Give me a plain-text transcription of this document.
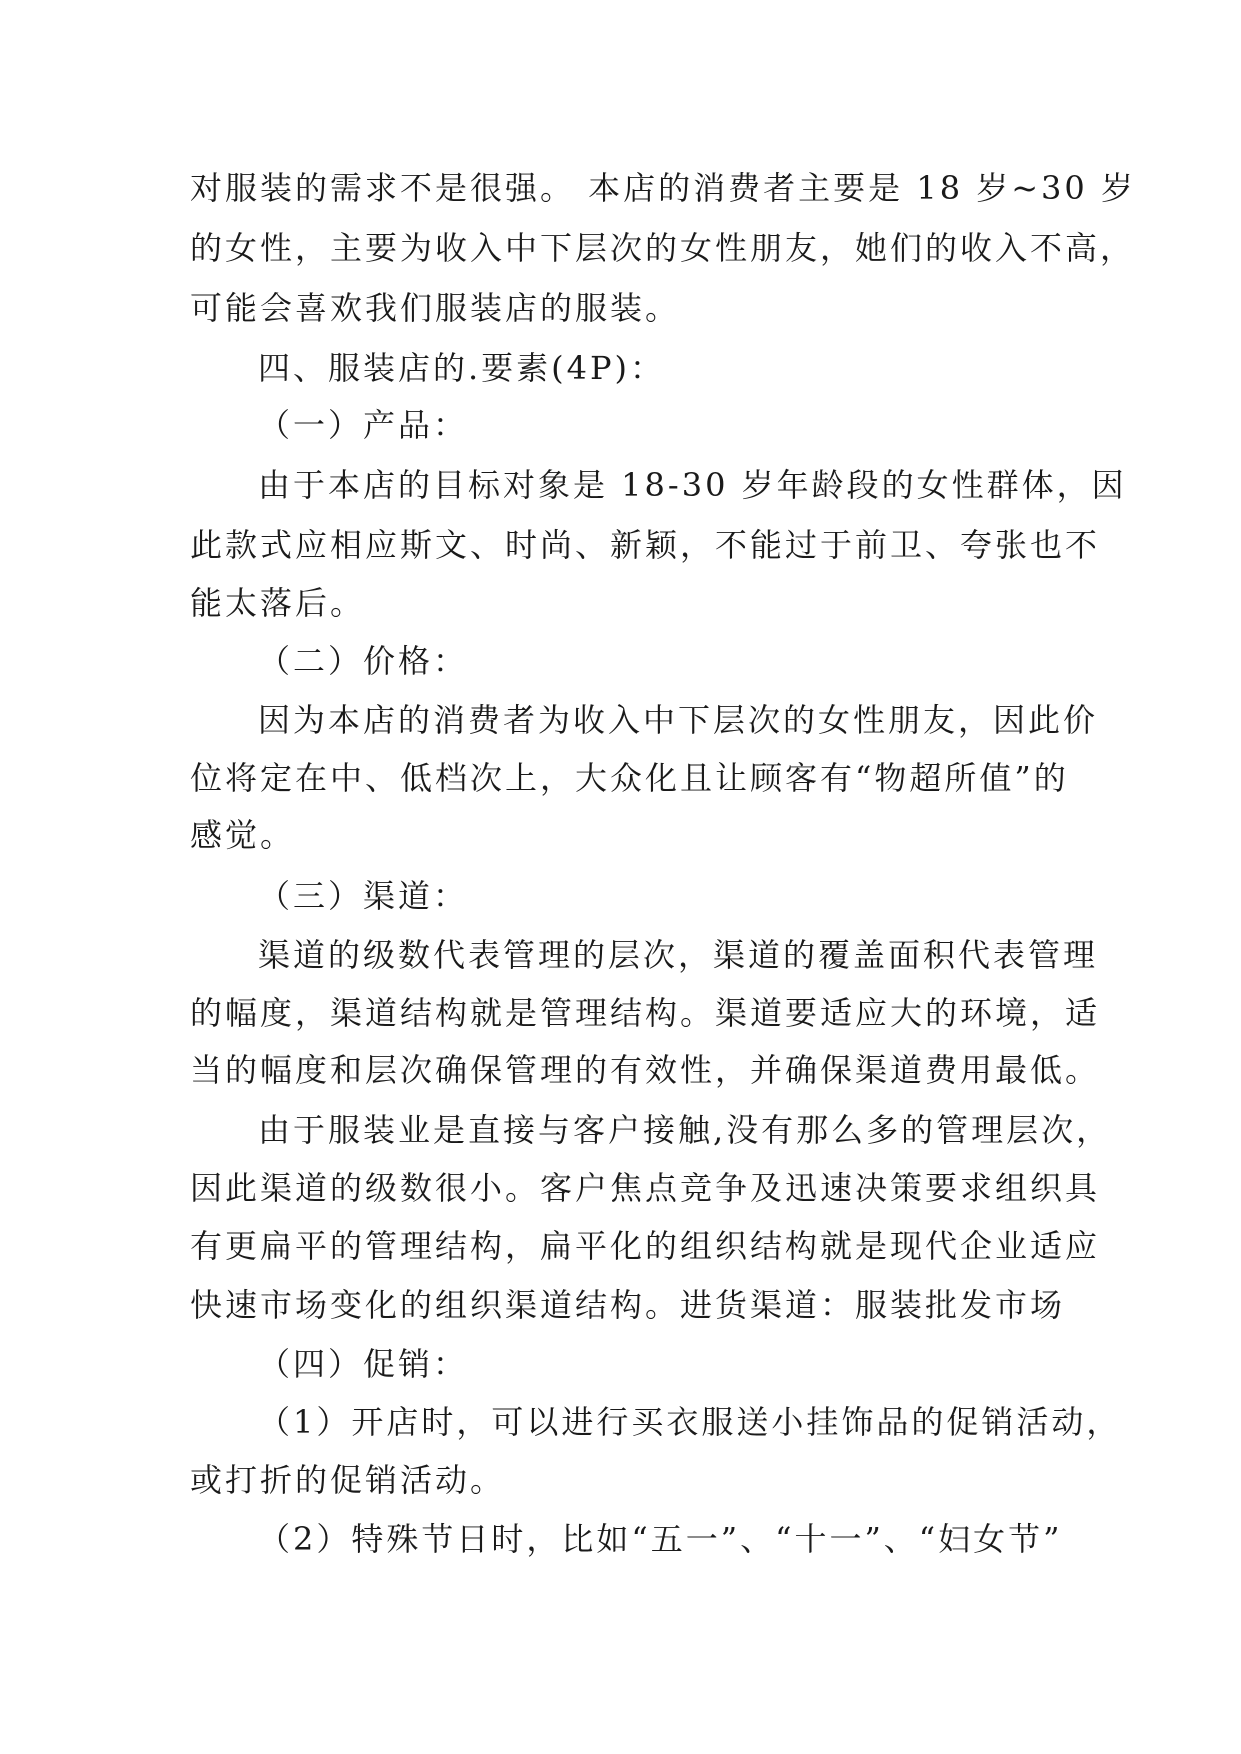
对服装的需求不是很强。 本店的消费者主要是 18 岁~30 岁
的女性，主要为收入中下层次的女性朋友，她们的收入不高，
可能会喜欢我们服装店的服装。
四、服装店的.要素(4P)：
（一）产品：
由于本店的目标对象是 18-30 岁年龄段的女性群体，因
此款式应相应斯文、时尚、新颖，不能过于前卫、夸张也不
能太落后。
（二）价格：
因为本店的消费者为收入中下层次的女性朋友，因此价
位将定在中、低档次上，大众化且让顾客有“物超所值”的
感觉。
（三）渠道：
渠道的级数代表管理的层次，渠道的覆盖面积代表管理
的幅度，渠道结构就是管理结构。渠道要适应大的环境，适
当的幅度和层次确保管理的有效性，并确保渠道费用最低。
由于服装业是直接与客户接触,没有那么多的管理层次，
因此渠道的级数很小。客户焦点竞争及迅速决策要求组织具
有更扁平的管理结构，扁平化的组织结构就是现代企业适应
快速市场变化的组织渠道结构。进货渠道：服装批发市场
（四）促销：
（1）开店时，可以进行买衣服送小挂饰品的促销活动，
或打折的促销活动。
（2）特殊节日时，比如“五一”、“十一”、“妇女节”
